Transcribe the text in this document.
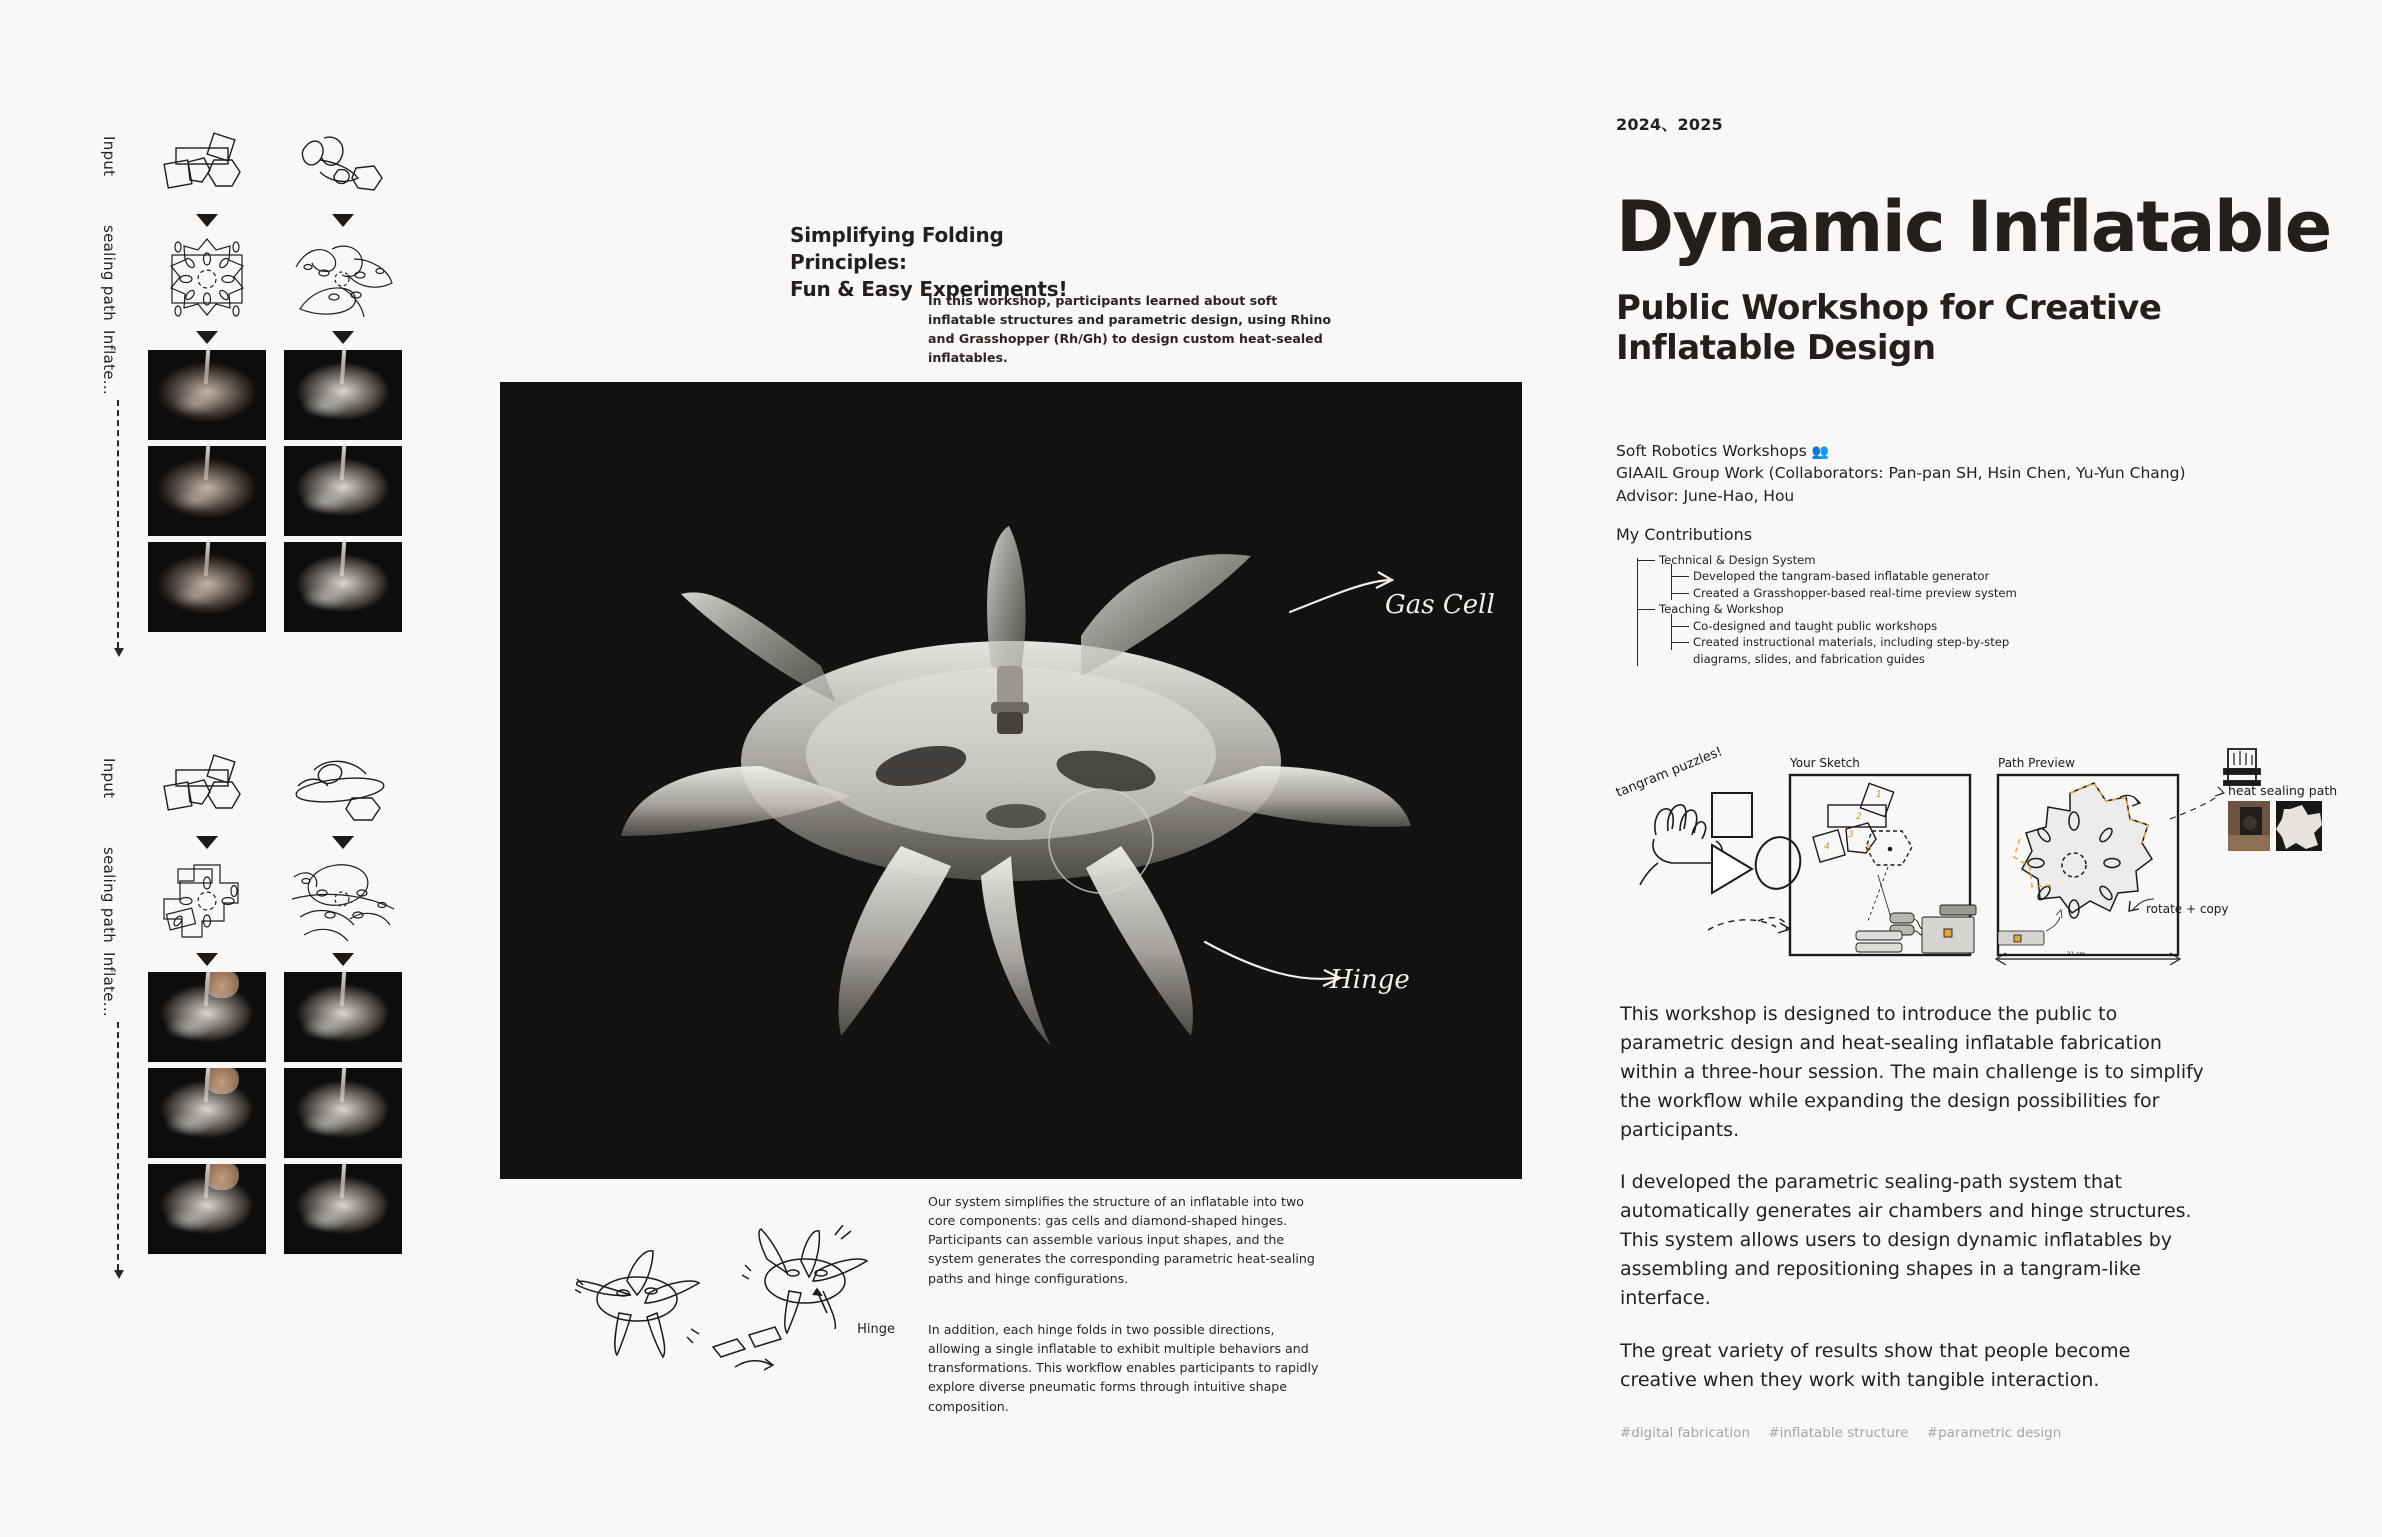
Input
sealing path
Inflate...
Input
sealing path
Inflate...
Simplifying Folding Principles:
Fun & Easy Experiments!
In this workshop, participants learned about soft inflatable structures and parametric design, using Rhino and Grasshopper (Rh/Gh) to design custom heat-sealed inflatables.
Gas Cell
Hinge
Hinge

Our system simplifies the structure of an inflatable into two core components: gas cells and diamond-shaped hinges. Participants can assemble various input shapes, and the system generates the corresponding parametric heat-sealing paths and hinge configurations.

In addition, each hinge folds in two possible directions, allowing a single inflatable to exhibit multiple behaviors and transformations. This workflow enables participants to rapidly explore diverse pneumatic forms through intuitive shape composition.

2024、2025
Dynamic Inflatable
Public Workshop for Creative
Inflatable Design
Soft Robotics Workshops 👥
GIAAIL Group Work (Collaborators: Pan-pan SH, Hsin Chen, Yu-Yun Chang)
Advisor: June-Hao, Hou
My Contributions
Technical & Design System
Developed the tangram-based inflatable generator
Created a Grasshopper-based real-time preview system
Teaching & Workshop
Co-designed and taught public workshops
Created instructional materials, including step-by-step diagrams, slides, and fabrication guides
tangram puzzles!	Your Sketch
1
2
3
4	5
Path Preview
rotate + copy
21 cm
heat sealing path

This workshop is designed to introduce the public to parametric design and heat-sealing inflatable fabrication within a three-hour session. The main challenge is to simplify the workflow while expanding the design possibilities for participants.

I developed the parametric sealing-path system that automatically generates air chambers and hinge structures. This system allows users to design dynamic inflatables by assembling and repositioning shapes in a tangram-like interface.

The great variety of results show that people become creative when they work with tangible interaction.

#digital fabrication #inflatable structure #parametric design
